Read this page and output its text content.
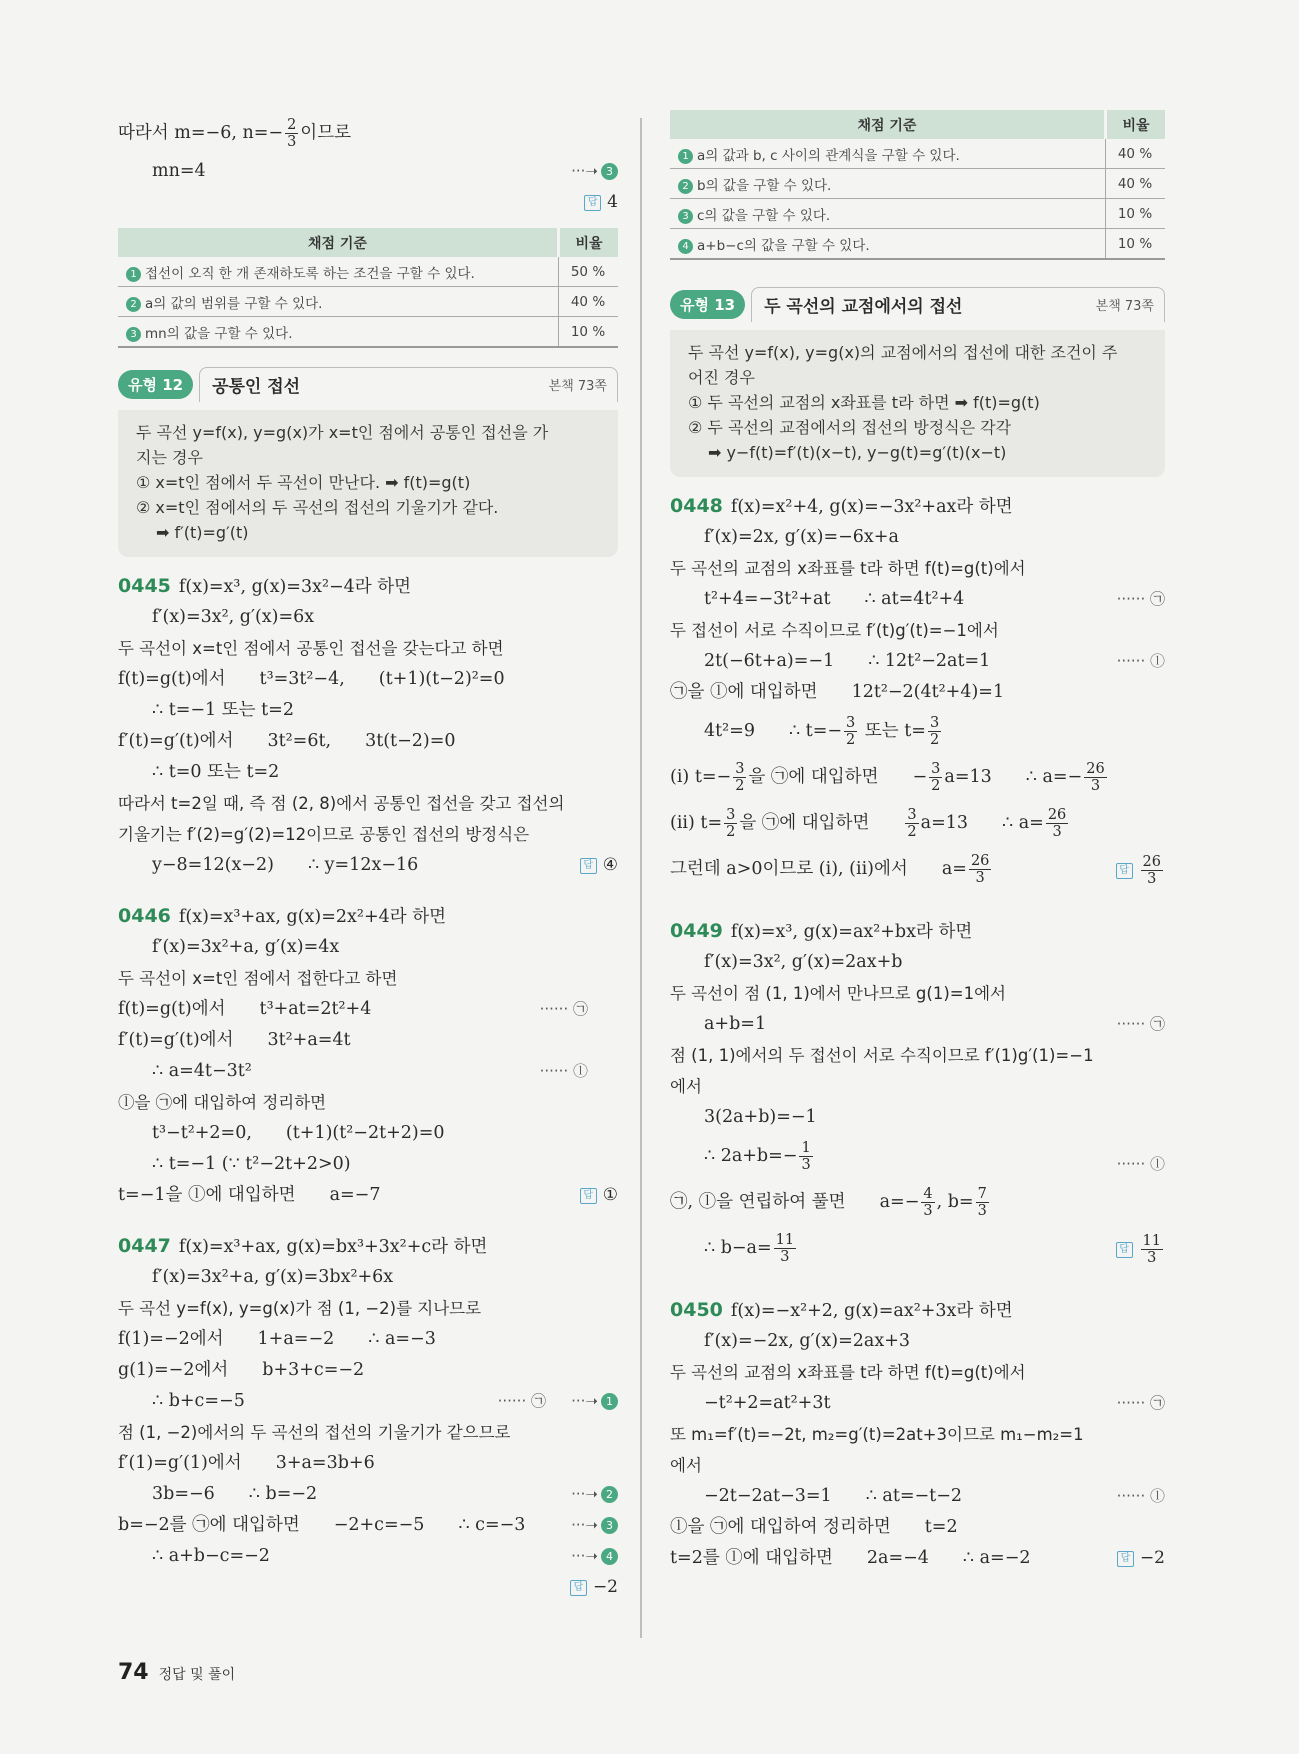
따라서 m=−6, $n=- \frac{2}{3}$ 이므로
mn=4	···➝ 3
답 4
채점 기준	비율
1 접선이 오직 한 개 존재하도록 하는 조건을 구할 수 있다.	50 %
2 a의 값의 범위를 구할 수 있다.	40 %
3 mn의 값을 구할 수 있다.	10 %
유형 12	공통인 접선	본책 73쪽
두 곡선 y=f(x), y=g(x)가 x=t인 점에서 공통인 접선을 가
지는 경우
① x=t인 점에서 두 곡선이 만난다. ➡ f(t)=g(t)
② x=t인 점에서의 두 곡선의 접선의 기울기가 같다.
➡ f′(t)=g′(t)
0445 f(x)=x³, g(x)=3x²−4라 하면
f′(x)=3x², g′(x)=6x
두 곡선이 x=t인 점에서 공통인 접선을 갖는다고 하면
f(t)=g(t)에서 t³=3t²−4, (t+1)(t−2)²=0
∴ t=−1 또는 t=2
f′(t)=g′(t)에서 3t²=6t, 3t(t−2)=0
∴ t=0 또는 t=2
따라서 t=2일 때, 즉 점 (2, 8)에서 공통인 접선을 갖고 접선의
기울기는 f′(2)=g′(2)=12이므로 공통인 접선의 방정식은
y−8=12(x−2) ∴ y=12x−16	답 ④
0446 f(x)=x³+ax, g(x)=2x²+4라 하면
f′(x)=3x²+a, g′(x)=4x
두 곡선이 x=t인 점에서 접한다고 하면
f(t)=g(t)에서 t³+at=2t²+4	······ ㉠
f′(t)=g′(t)에서 3t²+a=4t
∴ a=4t−3t²	······ ⓛ
ⓛ을 ㉠에 대입하여 정리하면
t³−t²+2=0, (t+1)(t²−2t+2)=0
∴ t=−1 (∵ t²−2t+2>0)
t=−1을 ⓛ에 대입하면 a=−7	답 ①
0447 f(x)=x³+ax, g(x)=bx³+3x²+c라 하면
f′(x)=3x²+a, g′(x)=3bx²+6x
두 곡선 y=f(x), y=g(x)가 점 (1, −2)를 지나므로
f(1)=−2에서 1+a=−2 ∴ a=−3
g(1)=−2에서 b+3+c=−2
∴ b+c=−5	······ ㉠ ···➝ 1
점 (1, −2)에서의 두 곡선의 접선의 기울기가 같으므로
f′(1)=g′(1)에서 3+a=3b+6
3b=−6 ∴ b=−2	···➝ 2
b=−2를 ㉠에 대입하면 −2+c=−5 ∴ c=−3	···➝ 3
∴ a+b−c=−2	···➝ 4
답 −2
채점 기준	비율
1 a의 값과 b, c 사이의 관계식을 구할 수 있다.	40 %
2 b의 값을 구할 수 있다.	40 %
3 c의 값을 구할 수 있다.	10 %
4 a+b−c의 값을 구할 수 있다.	10 %
유형 13	두 곡선의 교점에서의 접선	본책 73쪽
두 곡선 y=f(x), y=g(x)의 교점에서의 접선에 대한 조건이 주
어진 경우
① 두 곡선의 교점의 x좌표를 t라 하면 ➡ f(t)=g(t)
② 두 곡선의 교점에서의 접선의 방정식은 각각
➡ y−f(t)=f′(t)(x−t), y−g(t)=g′(t)(x−t)
0448 f(x)=x²+4, g(x)=−3x²+ax라 하면
f′(x)=2x, g′(x)=−6x+a
두 곡선의 교점의 x좌표를 t라 하면 f(t)=g(t)에서
t²+4=−3t²+at ∴ at=4t²+4	······ ㉠
두 접선이 서로 수직이므로 f′(t)g′(t)=−1에서
2t(−6t+a)=−1 ∴ 12t²−2at=1	······ ⓛ
㉠을 ⓛ에 대입하면 12t²−2(4t²+4)=1
4t²=9 ∴ $t=- \frac{3}{2}$ 또는 $t= \frac{3}{2}$
(i) $t=- \frac{3}{2}$ 을 ㉠에 대입하면 − $\frac{3}{2} a=13$ ∴ $a=- \frac{26}{3}$
(ii) $t= \frac{3}{2}$ 을 ㉠에 대입하면 $\frac{3}{2} a=13$ ∴ $a= \frac{26}{3}$
그런데 a>0이므로 (i), (ii)에서 $a= \frac{26}{3}$	답 $\frac{26}{3}$
0449 f(x)=x³, g(x)=ax²+bx라 하면
f′(x)=3x², g′(x)=2ax+b
두 곡선이 점 (1, 1)에서 만나므로 g(1)=1에서
a+b=1	······ ㉠
점 (1, 1)에서의 두 접선이 서로 수직이므로 f′(1)g′(1)=−1
에서
3(2a+b)=−1
∴ $2a+b=- \frac{1}{3}$	······ ⓛ
㉠, ⓛ을 연립하여 풀면 $a=- \frac{4}{3}$ , $b= \frac{7}{3}$
∴ $b-a= \frac{11}{3}$	답 $\frac{11}{3}$
0450 f(x)=−x²+2, g(x)=ax²+3x라 하면
f′(x)=−2x, g′(x)=2ax+3
두 곡선의 교점의 x좌표를 t라 하면 f(t)=g(t)에서
−t²+2=at²+3t	······ ㉠
또 m₁=f′(t)=−2t, m₂=g′(t)=2at+3이므로 m₁−m₂=1
에서
−2t−2at−3=1 ∴ at=−t−2	······ ⓛ
ⓛ을 ㉠에 대입하여 정리하면 t=2
t=2를 ⓛ에 대입하면 2a=−4 ∴ a=−2	답 −2
74 정답 및 풀이
